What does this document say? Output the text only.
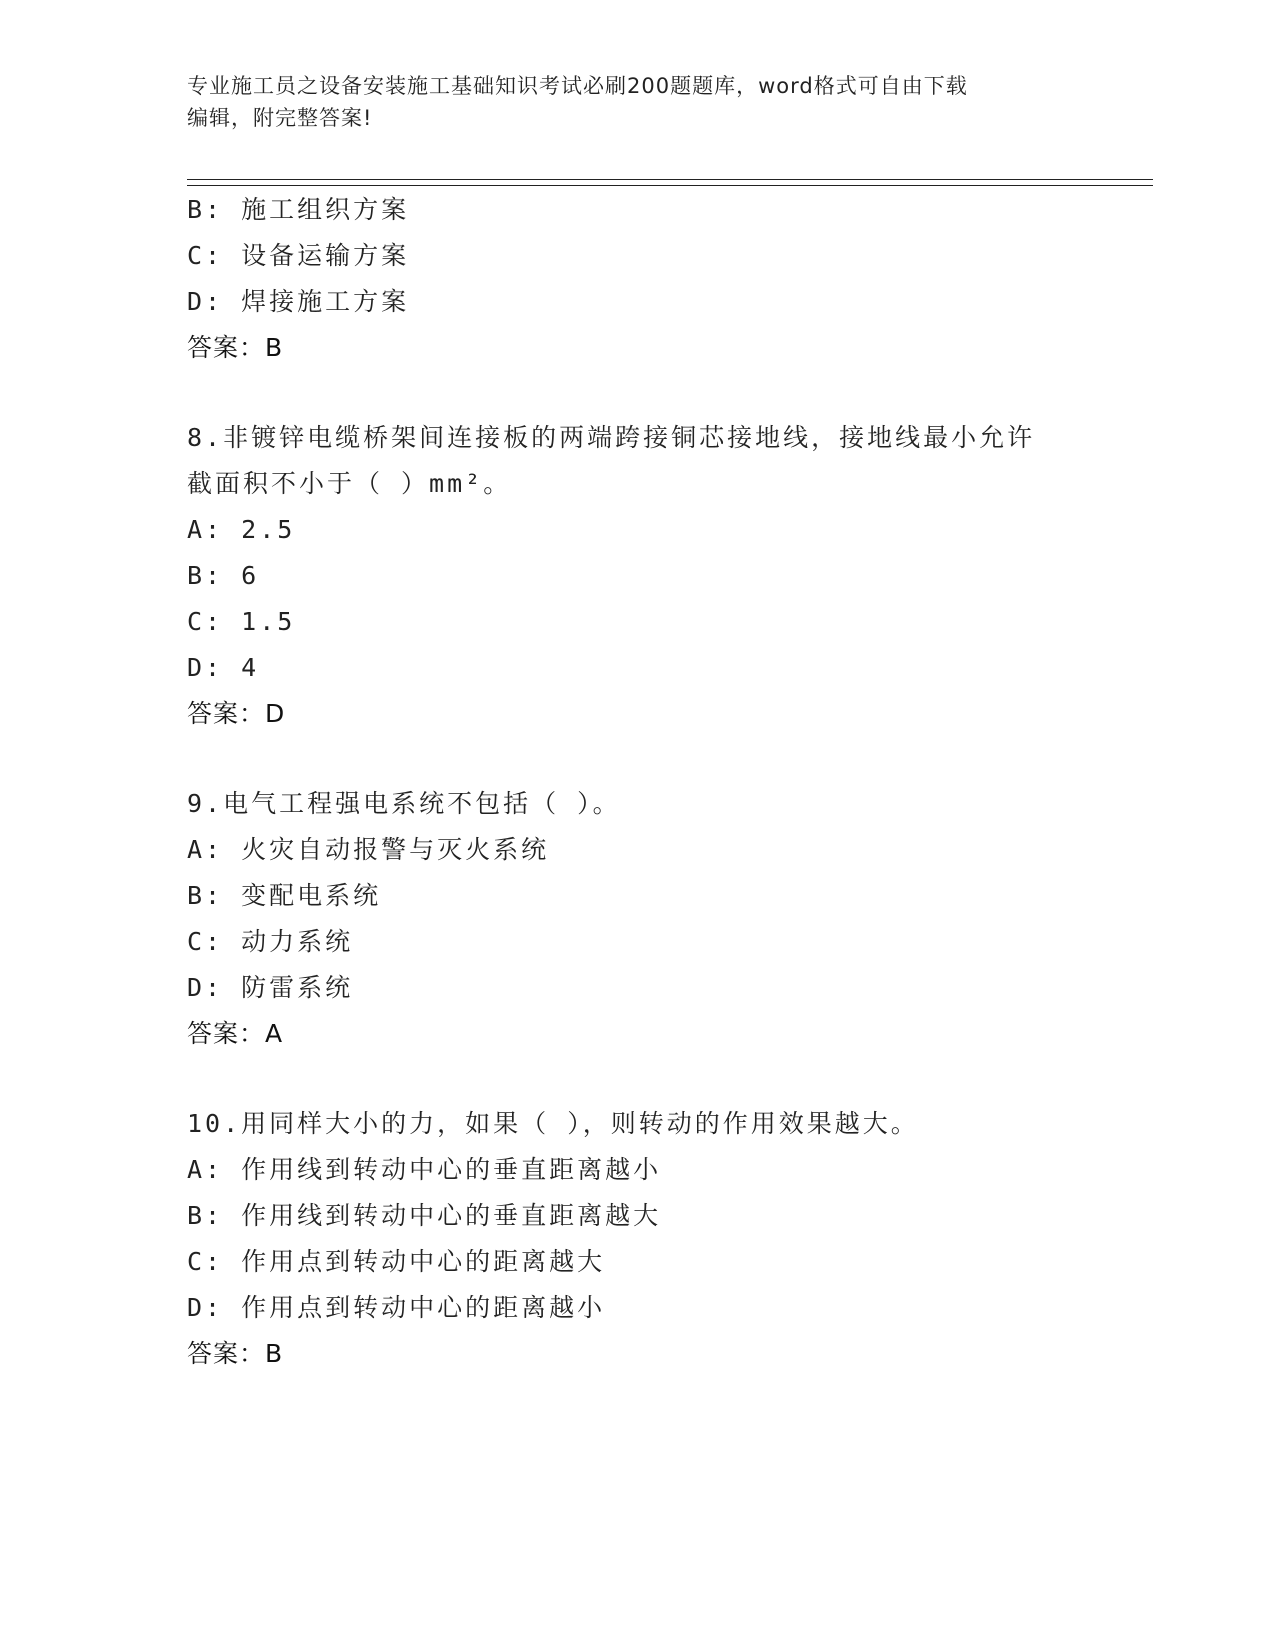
专业施工员之设备安装施工基础知识考试必刷200题题库，word格式可自由下载
编辑，附完整答案!
B: 施工组织方案
C: 设备运输方案
D: 焊接施工方案
答案：B
8.非镀锌电缆桥架间连接板的两端跨接铜芯接地线，接地线最小允许
截面积不小于（ ）mm²。
A: 2.5
B: 6
C: 1.5
D: 4
答案：D
9.电气工程强电系统不包括（ ）。
A: 火灾自动报警与灭火系统
B: 变配电系统
C: 动力系统
D: 防雷系统
答案：A
10.用同样大小的力，如果（ ），则转动的作用效果越大。
A: 作用线到转动中心的垂直距离越小
B: 作用线到转动中心的垂直距离越大
C: 作用点到转动中心的距离越大
D: 作用点到转动中心的距离越小
答案：B
